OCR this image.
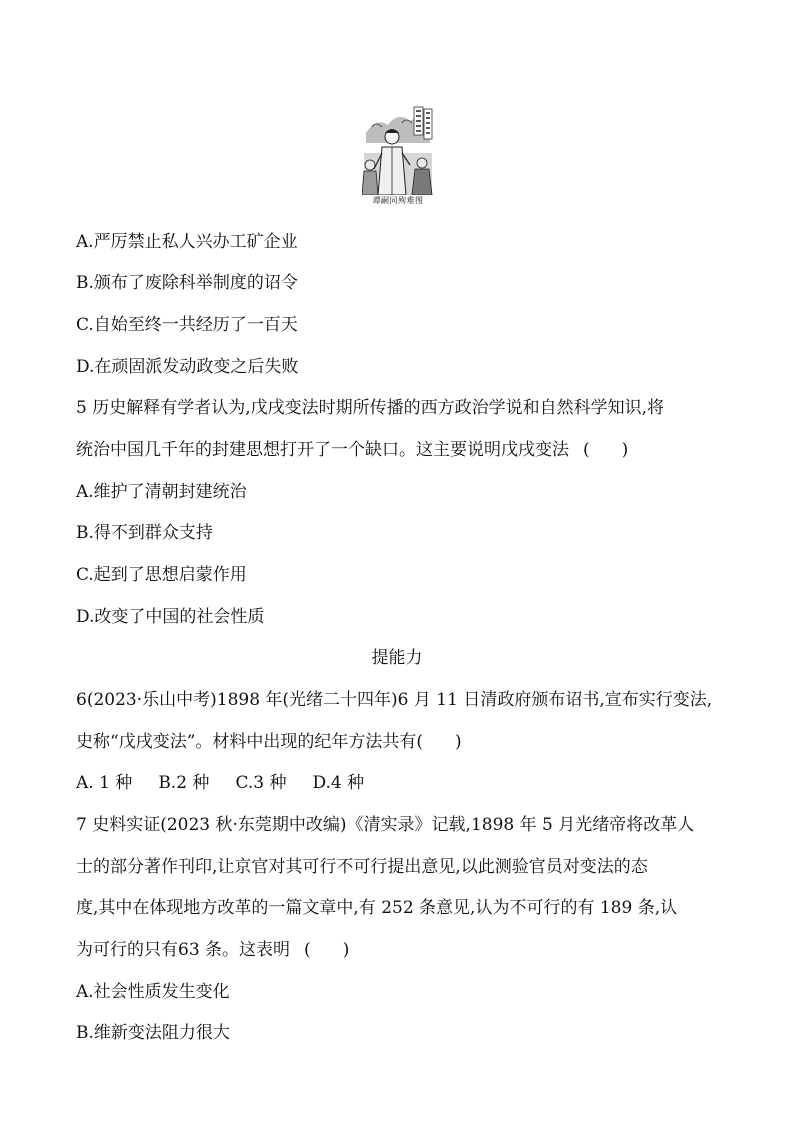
谭嗣同殉难图
A.严厉禁止私人兴办工矿企业
B.颁布了废除科举制度的诏令
C.自始至终一共经历了一百天
D.在顽固派发动政变之后失败
5 历史解释有学者认为,戊戌变法时期所传播的西方政治学说和自然科学知识,将
统治中国几千年的封建思想打开了一个缺口。这主要说明戊戌变法 ( )
A.维护了清朝封建统治
B.得不到群众支持
C.起到了思想启蒙作用
D.改变了中国的社会性质
提能力
6(2023·乐山中考)1898 年(光绪二十四年)6 月 11 日清政府颁布诏书,宣布实行变法,
史称“戊戌变法”。材料中出现的纪年方法共有( )
A. 1 种 B.2 种 C.3 种 D.4 种
7 史料实证(2023 秋·东莞期中改编)《清实录》记载,1898 年 5 月光绪帝将改革人
士的部分著作刊印,让京官对其可行不可行提出意见,以此测验官员对变法的态
度,其中在体现地方改革的一篇文章中,有 252 条意见,认为不可行的有 189 条,认
为可行的只有63 条。这表明 ( )
A.社会性质发生变化
B.维新变法阻力很大
